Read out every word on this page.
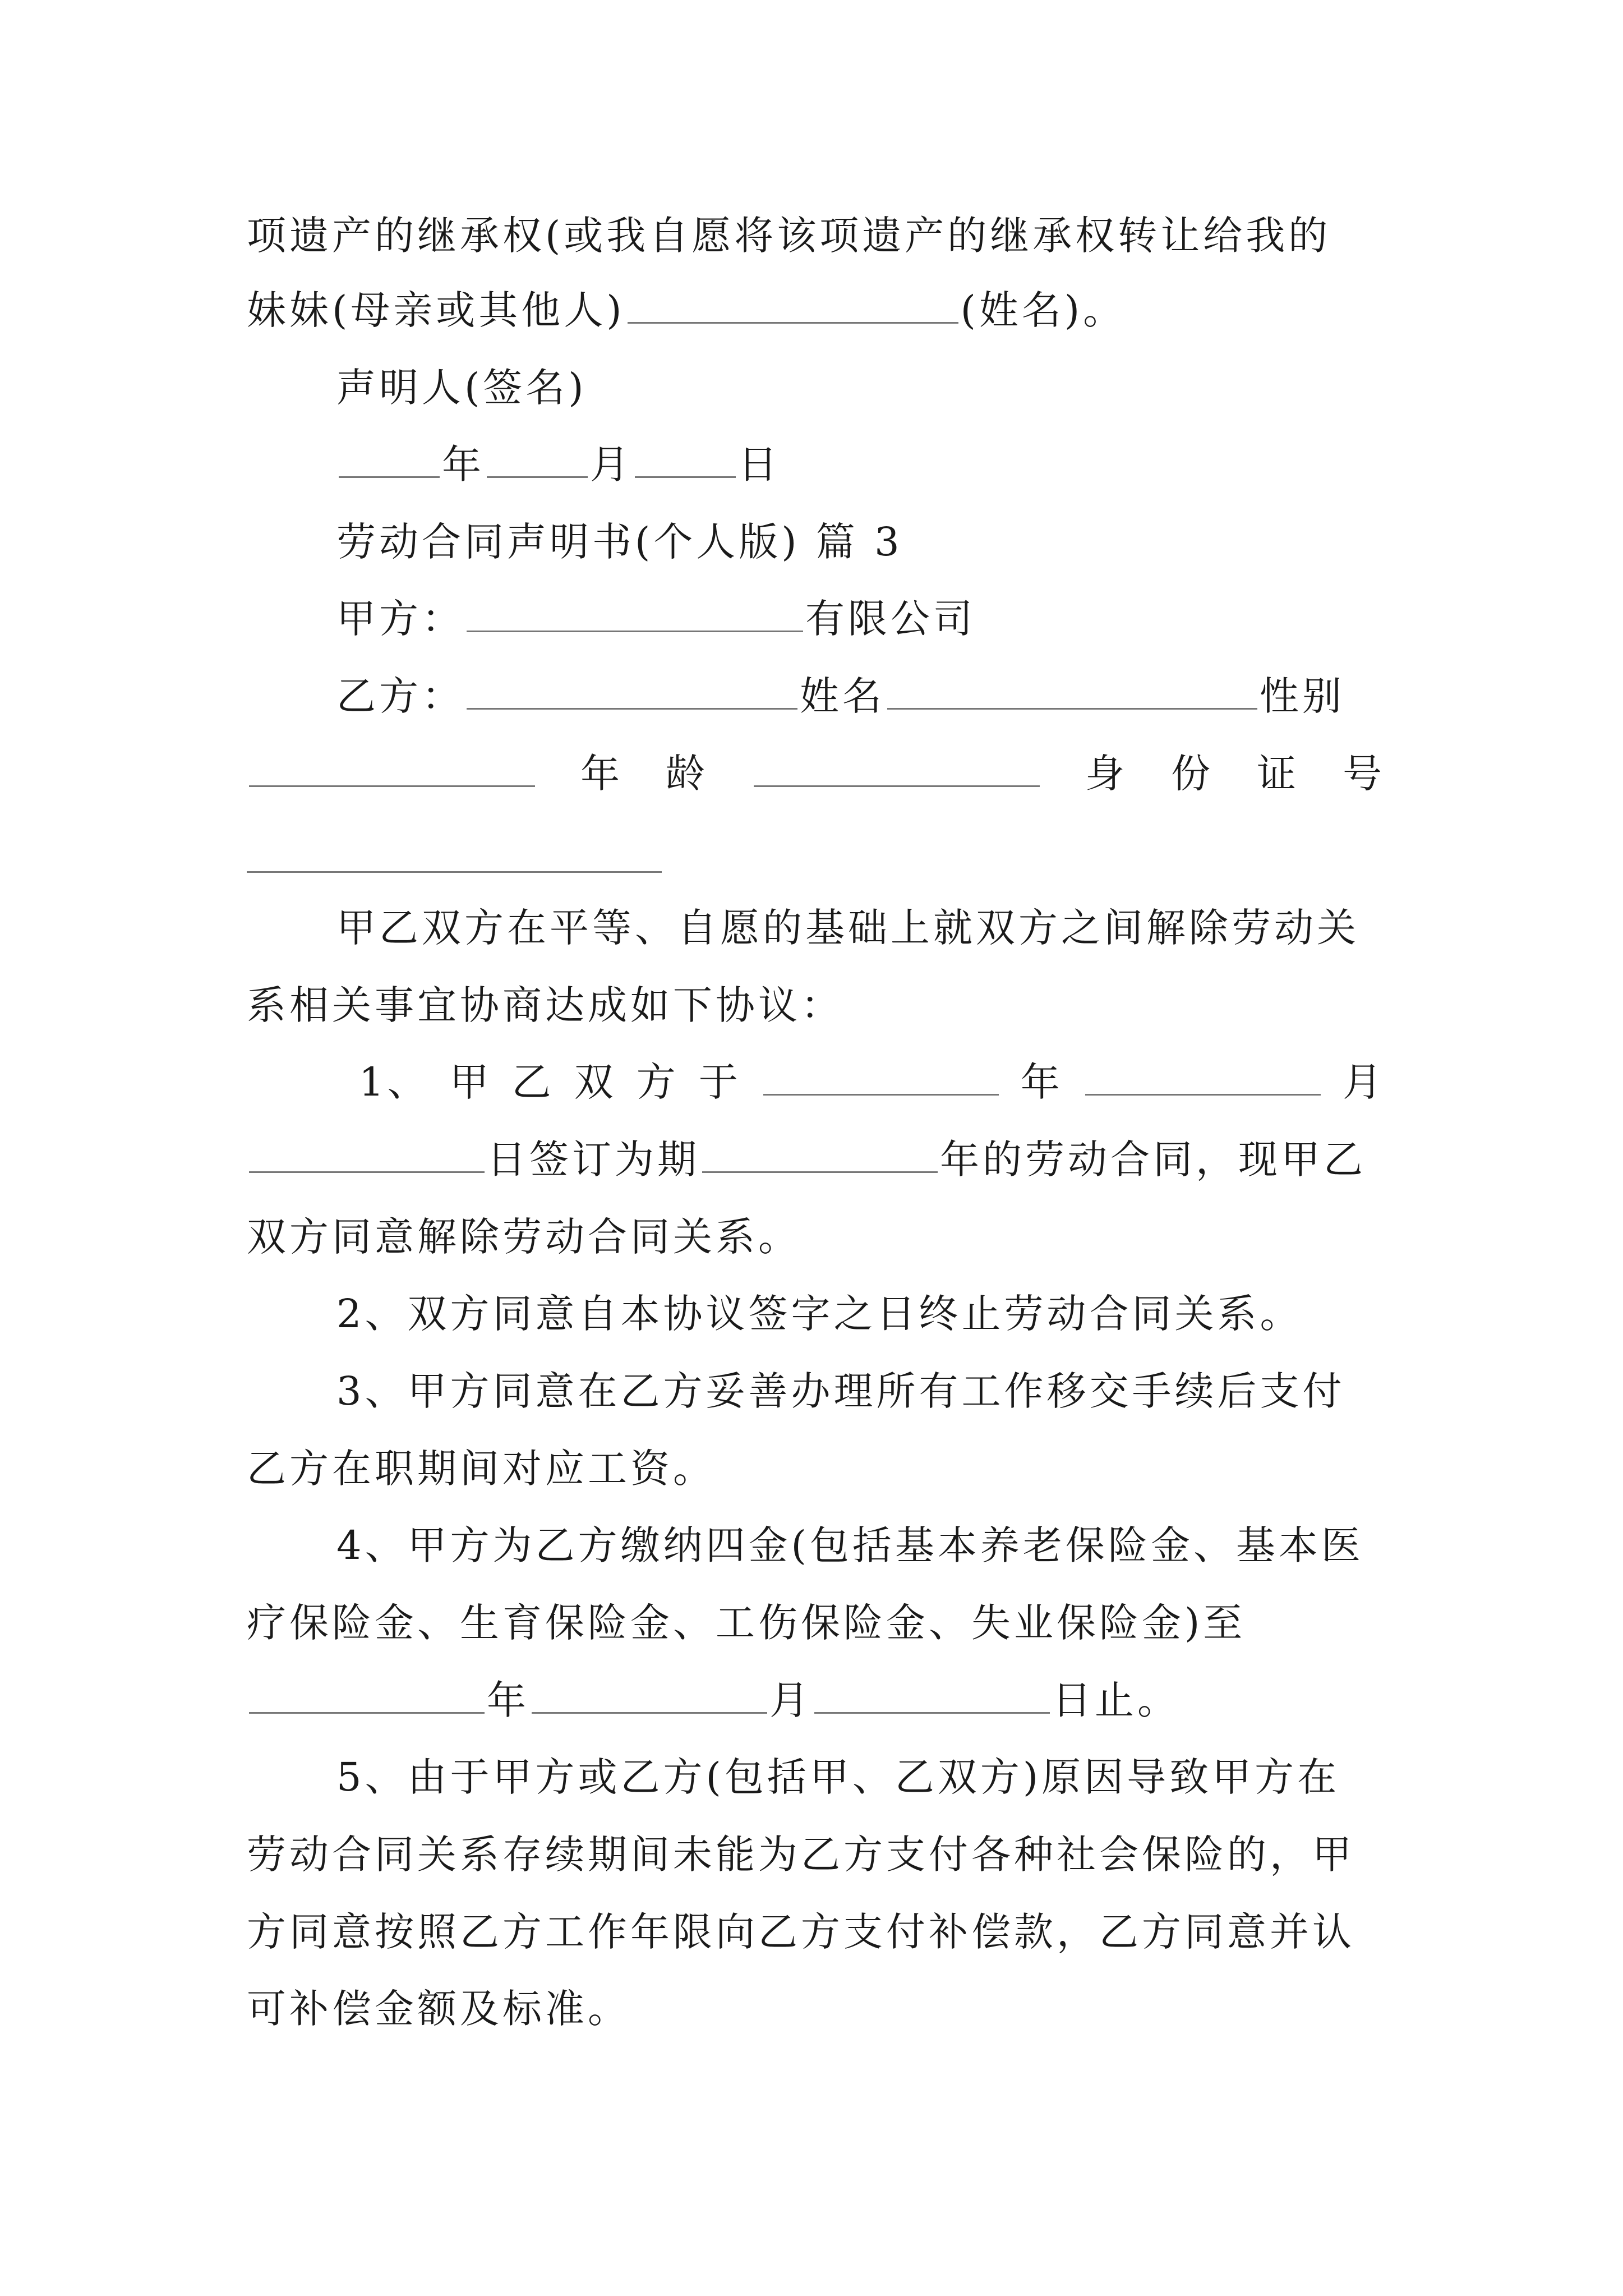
项遗产的继承权(或我自愿将该项遗产的继承权转让给我的
妹妹(母亲或其他人)	(姓名)。
声明人(签名)
年	月	日
劳动合同声明书(个人版) 篇 3
甲方：	有限公司
乙方：	姓名	性别
年　龄	身 份 证 号
甲乙双方在平等、自愿的基础上就双方之间解除劳动关
系相关事宜协商达成如下协议：
1、 甲 乙 双 方 于	年	月
日签订为期	年的劳动合同，现甲乙
双方同意解除劳动合同关系。
2、双方同意自本协议签字之日终止劳动合同关系。
3、甲方同意在乙方妥善办理所有工作移交手续后支付
乙方在职期间对应工资。
4、甲方为乙方缴纳四金(包括基本养老保险金、基本医
疗保险金、生育保险金、工伤保险金、失业保险金)至
年	月	日止。
5、由于甲方或乙方(包括甲、乙双方)原因导致甲方在
劳动合同关系存续期间未能为乙方支付各种社会保险的，甲
方同意按照乙方工作年限向乙方支付补偿款，乙方同意并认
可补偿金额及标准。
